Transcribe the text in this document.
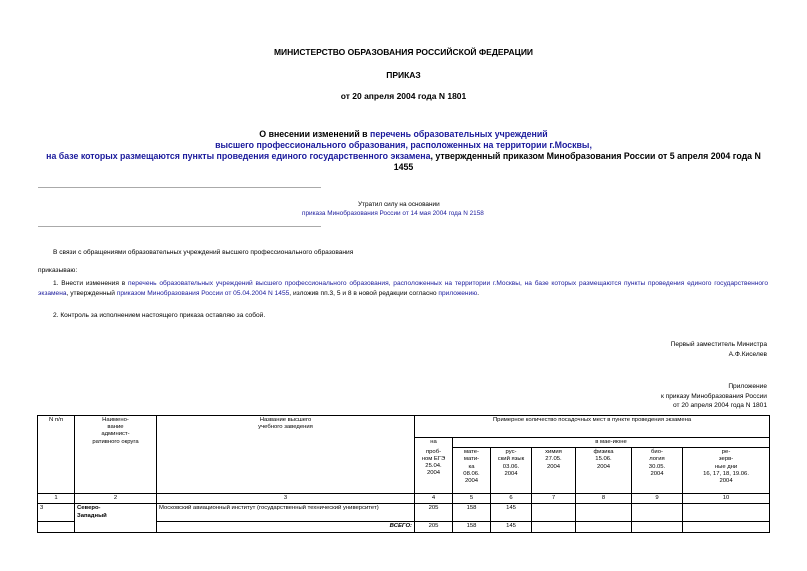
МИНИСТЕРСТВО ОБРАЗОВАНИЯ РОССИЙСКОЙ ФЕДЕРАЦИИ
ПРИКАЗ
от 20 апреля 2004 года N 1801
О внесении изменений в перечень образовательных учреждений
высшего профессионального образования, расположенных на территории г.Москвы,
на базе которых размещаются пункты проведения единого государственного экзамена, утвержденный приказом Минобразования России от 5 апреля 2004 года N
1455
Утратил силу на основании
приказа Минобразования России от 14 мая 2004 года N 2158
В связи с обращениями образовательных учреждений высшего профессионального образования
приказываю:
1. Внести изменения в перечень образовательных учреждений высшего профессионального образования, расположенных на территории г.Москвы, на базе которых размещаются пункты проведения единого государственного экзамена, утвержденный приказом Минобразования России от 05.04.2004 N 1455, изложив пп.3, 5 и 8 в новой редакции согласно приложению.
2. Контроль за исполнением настоящего приказа оставляю за собой.
Первый заместитель Министра
А.Ф.Киселев
Приложение
к приказу Минобразования России
от 20 апреля 2004 года N 1801
N п/п	Наимено-
вание
админист-
ративного округа	Название высшего
учебного заведения	Примерное количество посадочных мест в пункте проведения экзамена						
			на	в мае-июне					
			проб-
ном ЕГЭ
25.04.
2004	мате-
мати-
ка
08.06.
2004	рус-
ский язык
03.06.
2004	химия
27.05.
2004	физика
15.06.
2004	био-
логия
30.05.
2004	ре-
зерв-
ные дни
16, 17, 18, 19.06.
2004
1	2	3	4	5	6	7	8	9	10
3	Северо-
Западный	Московский авиационный институт (государственный технический университет)	205	158	145				
		ВСЕГО:	205	158	145				
